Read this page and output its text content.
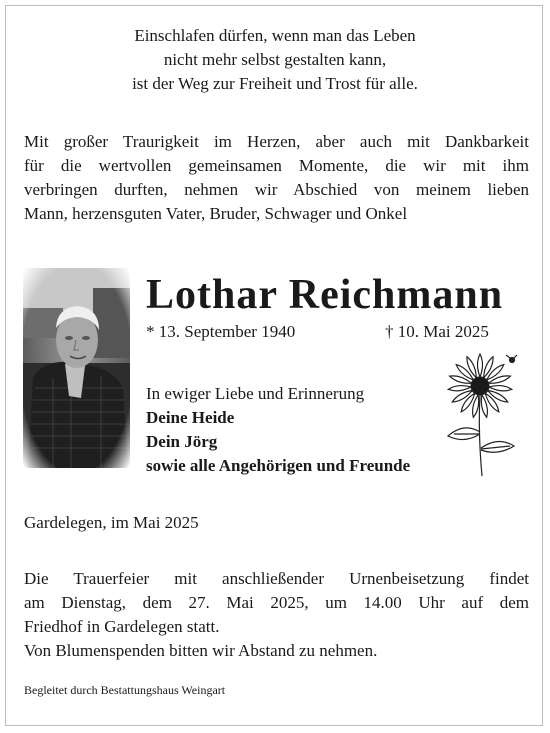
Einschlafen dürfen, wenn man das Leben
nicht mehr selbst gestalten kann,
ist der Weg zur Freiheit und Trost für alle.
Mit großer Traurigkeit im Herzen, aber auch mit Dankbarkeit
für die wertvollen gemeinsamen Momente, die wir mit ihm
verbringen durften, nehmen wir Abschied von meinem lieben
Mann, herzensguten Vater, Bruder, Schwager und Onkel
Lothar Reichmann
* 13. September 1940	† 10. Mai 2025
In ewiger Liebe und Erinnerung
Deine Heide
Dein Jörg
sowie alle Angehörigen und Freunde
Gardelegen, im Mai 2025
Die Trauerfeier mit anschließender Urnenbeisetzung findet
am Dienstag, dem 27. Mai 2025, um 14.00 Uhr auf dem
Friedhof in Gardelegen statt.
Von Blumenspenden bitten wir Abstand zu nehmen.
Begleitet durch Bestattungshaus Weingart
